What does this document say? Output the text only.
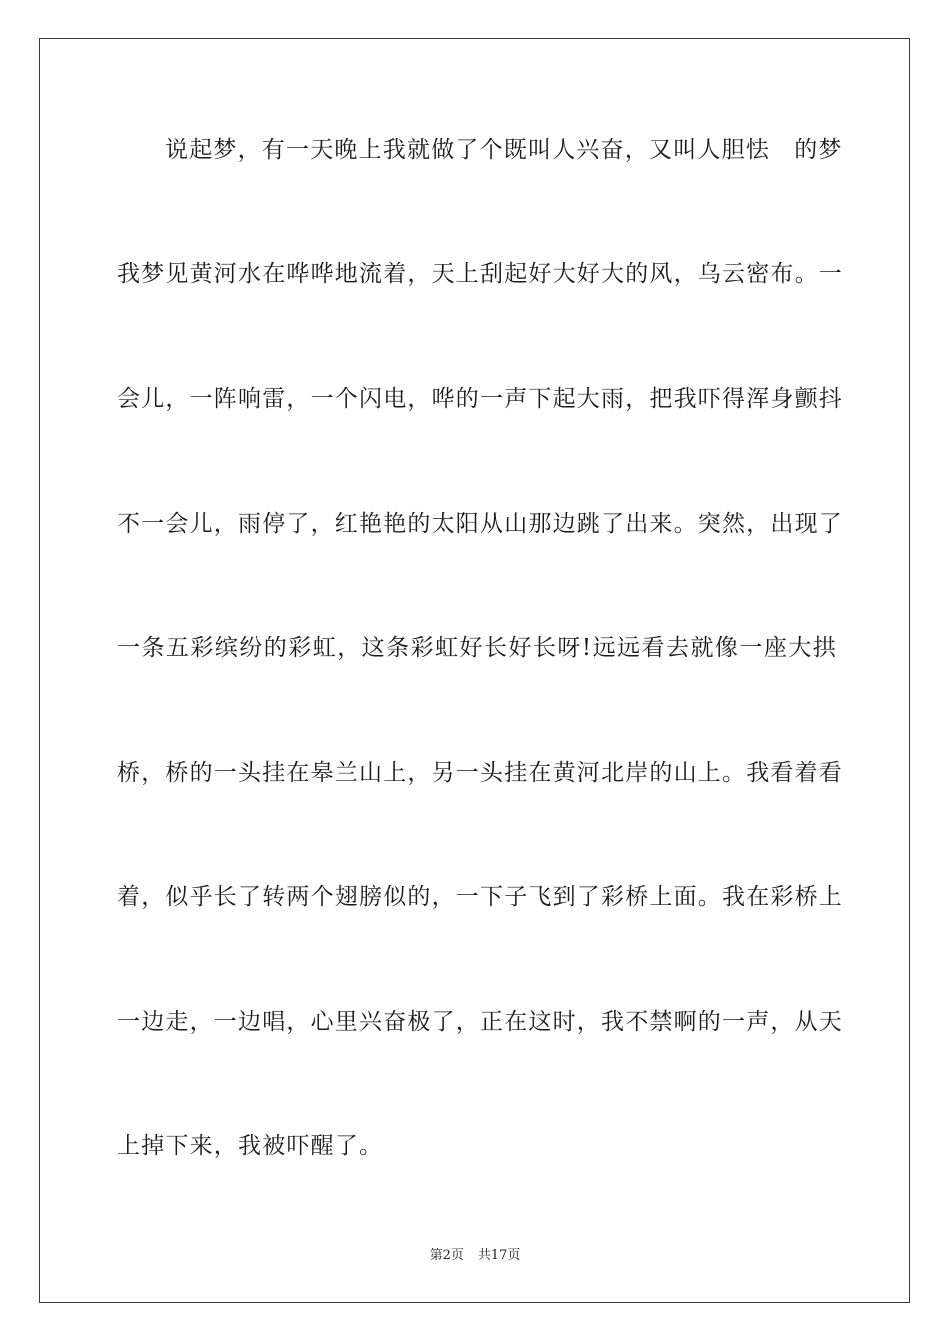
说起梦，有一天晚上我就做了个既叫人兴奋，又叫人胆怯　的梦
我梦见黄河水在哗哗地流着，天上刮起好大好大的风，乌云密布。一
会儿，一阵响雷，一个闪电，哗的一声下起大雨，把我吓得浑身颤抖
不一会儿，雨停了，红艳艳的太阳从山那边跳了出来。突然，出现了
一条五彩缤纷的彩虹，这条彩虹好长好长呀!远远看去就像一座大拱
桥，桥的一头挂在皋兰山上，另一头挂在黄河北岸的山上。我看着看
着，似乎长了转两个翅膀似的，一下子飞到了彩桥上面。我在彩桥上
一边走，一边唱，心里兴奋极了，正在这时，我不禁啊的一声，从天
上掉下来，我被吓醒了。
第2页 共17页
